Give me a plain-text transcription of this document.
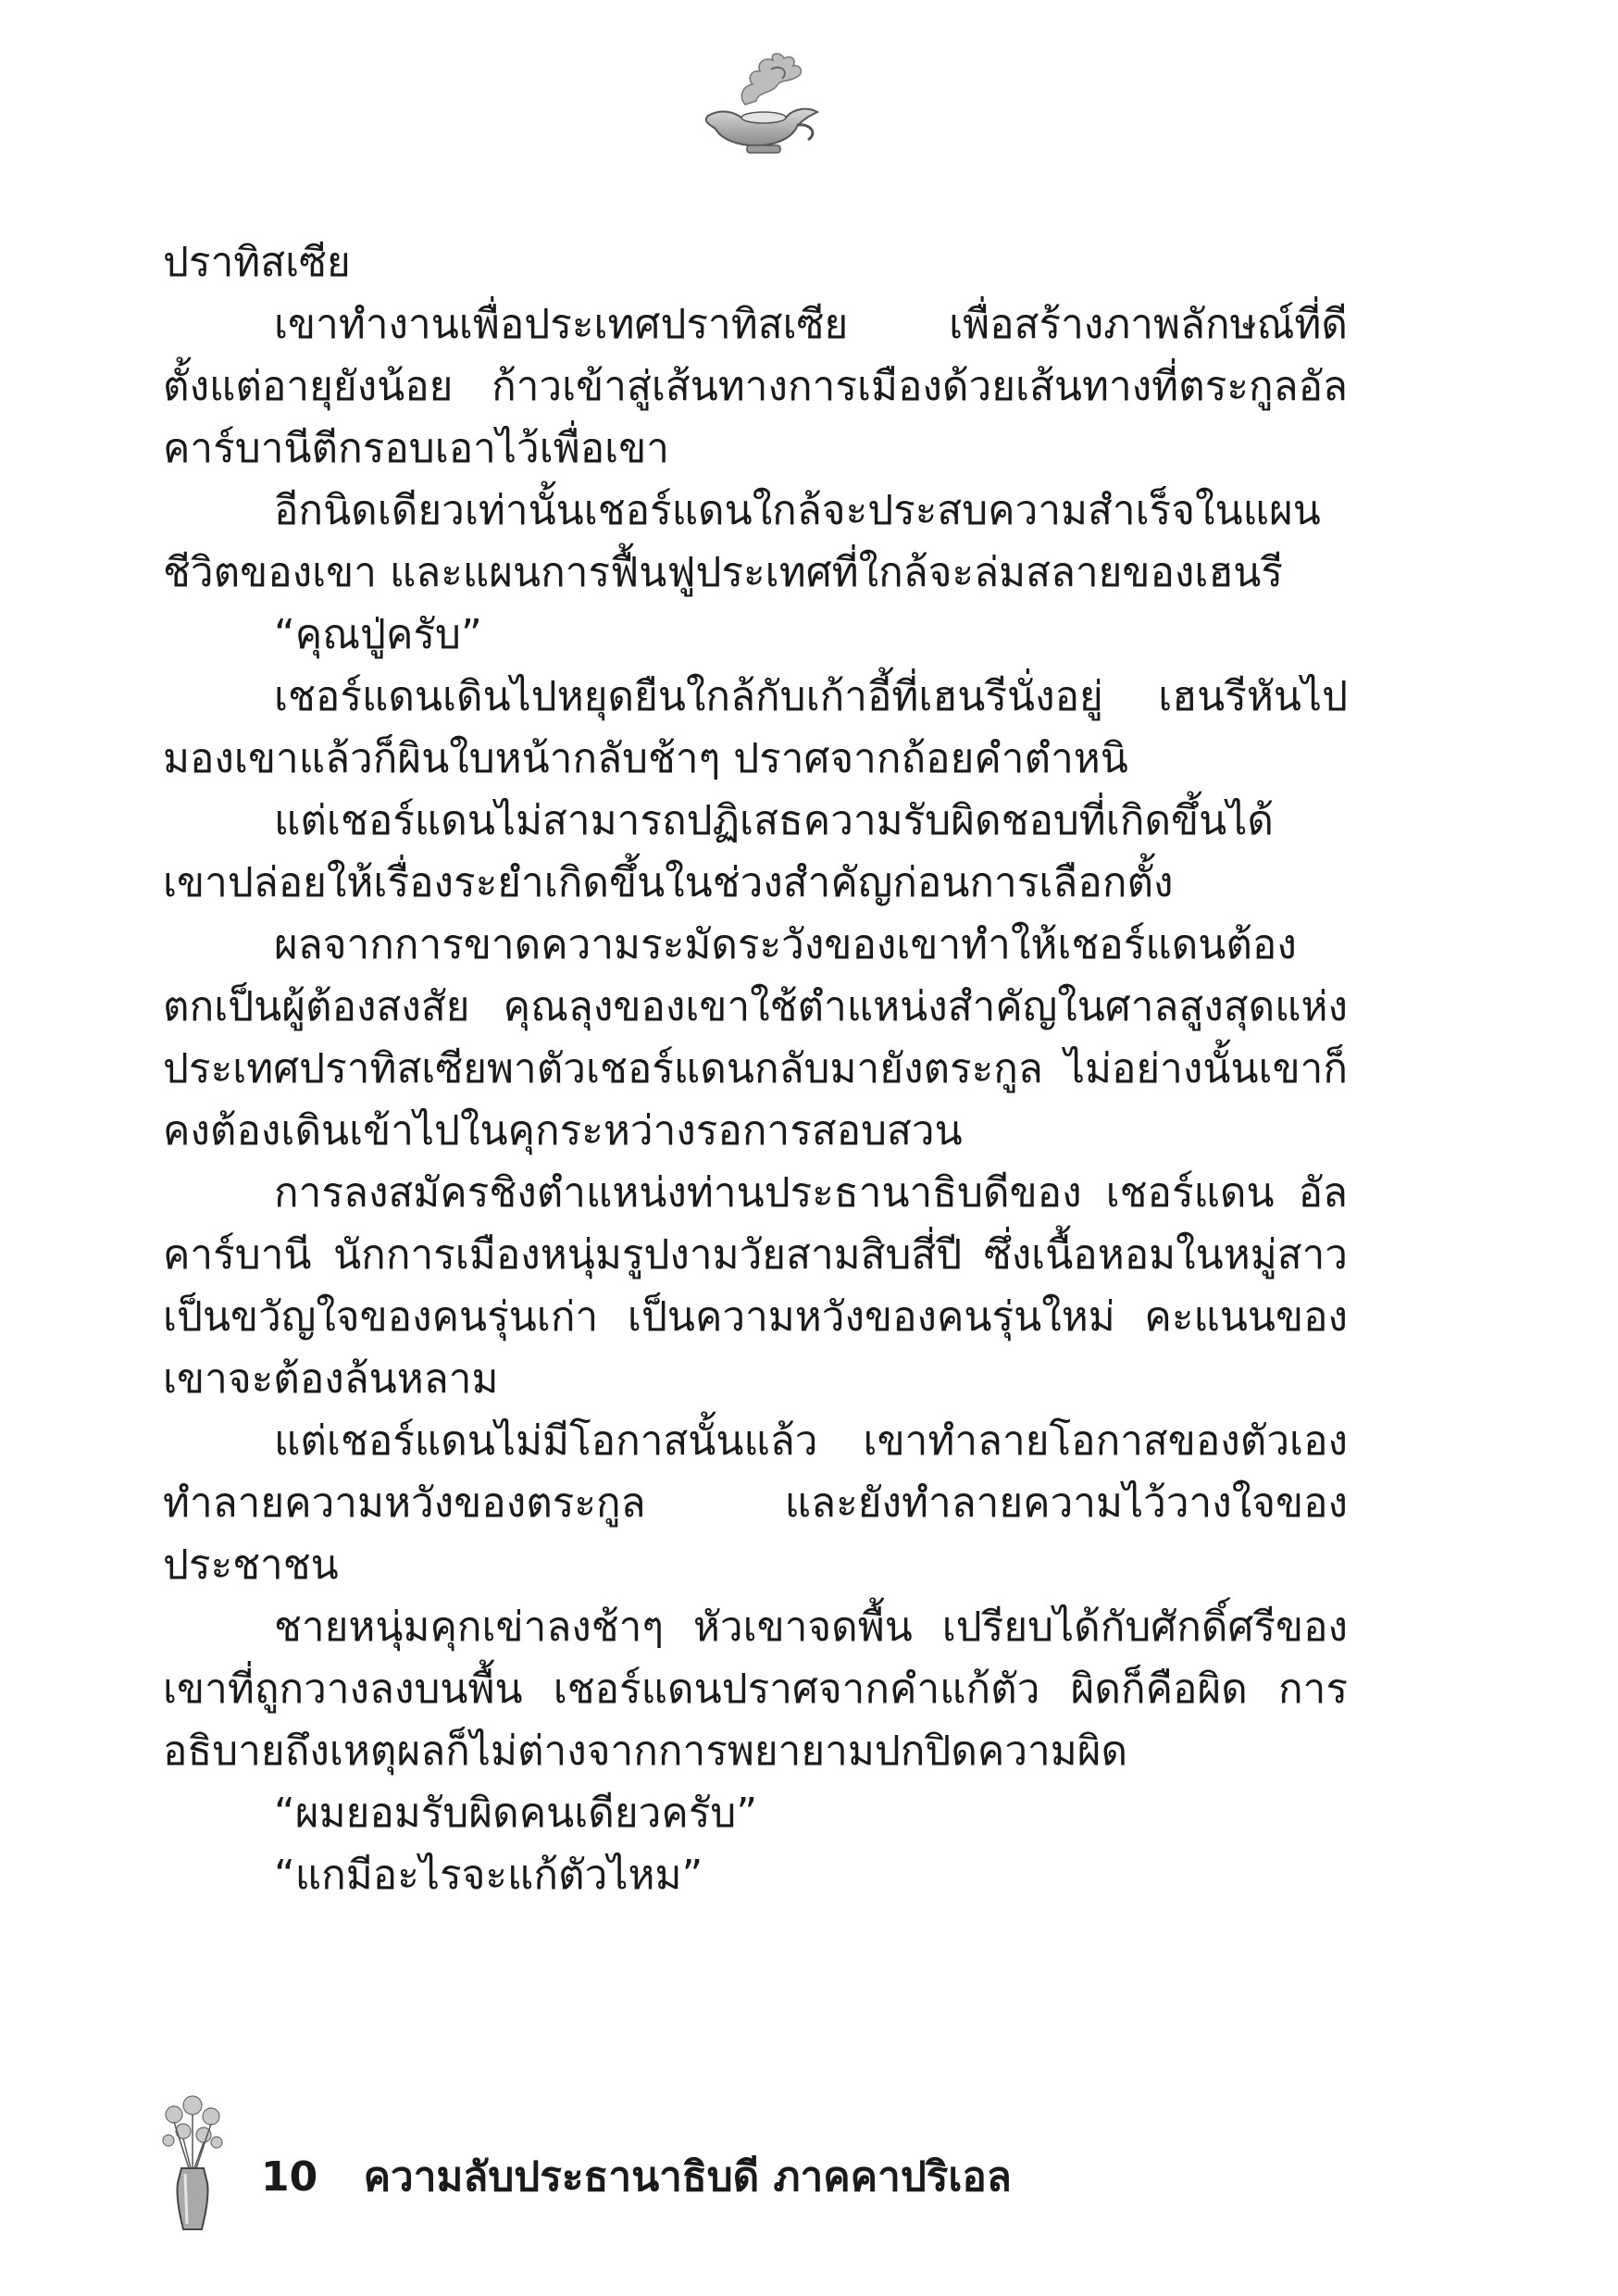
ปราทิสเซีย

เขาทำงานเพื่อประเทศปราทิสเซีย เพื่อสร้างภาพลักษณ์ที่ดีตั้งแต่อายุยังน้อย ก้าวเข้าสู่เส้นทางการเมืองด้วยเส้นทางที่ตระกูลอัล คาร์บานีตีกรอบเอาไว้เพื่อเขา

อีกนิดเดียวเท่านั้นเชอร์แดนใกล้จะประสบความสำเร็จในแผนชีวิตของเขา และแผนการฟื้นฟูประเทศที่ใกล้จะล่มสลายของเฮนรี

“คุณปู่ครับ”

เชอร์แดนเดินไปหยุดยืนใกล้กับเก้าอี้ที่เฮนรีนั่งอยู่ เฮนรีหันไปมองเขาแล้วก็ผินใบหน้ากลับช้าๆ ปราศจากถ้อยคำตำหนิ

แต่เชอร์แดนไม่สามารถปฏิเสธความรับผิดชอบที่เกิดขึ้นได้ เขาปล่อยให้เรื่องระยำเกิดขึ้นในช่วงสำคัญก่อนการเลือกตั้ง

ผลจากการขาดความระมัดระวังของเขาทำให้เชอร์แดนต้องตกเป็นผู้ต้องสงสัย คุณลุงของเขาใช้ตำแหน่งสำคัญในศาลสูงสุดแห่งประเทศปราทิสเซียพาตัวเชอร์แดนกลับมายังตระกูล ไม่อย่างนั้นเขาก็คงต้องเดินเข้าไปในคุกระหว่างรอการสอบสวน

การลงสมัครชิงตำแหน่งท่านประธานาธิบดีของ เชอร์แดน อัล คาร์บานี นักการเมืองหนุ่มรูปงามวัยสามสิบสี่ปี ซึ่งเนื้อหอมในหมู่สาวเป็นขวัญใจของคนรุ่นเก่า เป็นความหวังของคนรุ่นใหม่ คะแนนของเขาจะต้องล้นหลาม

แต่เชอร์แดนไม่มีโอกาสนั้นแล้ว เขาทำลายโอกาสของตัวเองทำลายความหวังของตระกูล และยังทำลายความไว้วางใจของประชาชน

ชายหนุ่มคุกเข่าลงช้าๆ หัวเขาจดพื้น เปรียบได้กับศักดิ์ศรีของเขาที่ถูกวางลงบนพื้น เชอร์แดนปราศจากคำแก้ตัว ผิดก็คือผิด การอธิบายถึงเหตุผลก็ไม่ต่างจากการพยายามปกปิดความผิด

“ผมยอมรับผิดคนเดียวครับ”

“แกมีอะไรจะแก้ตัวไหม”

10 ความลับประธานาธิบดี ภาคคาปริเอล
